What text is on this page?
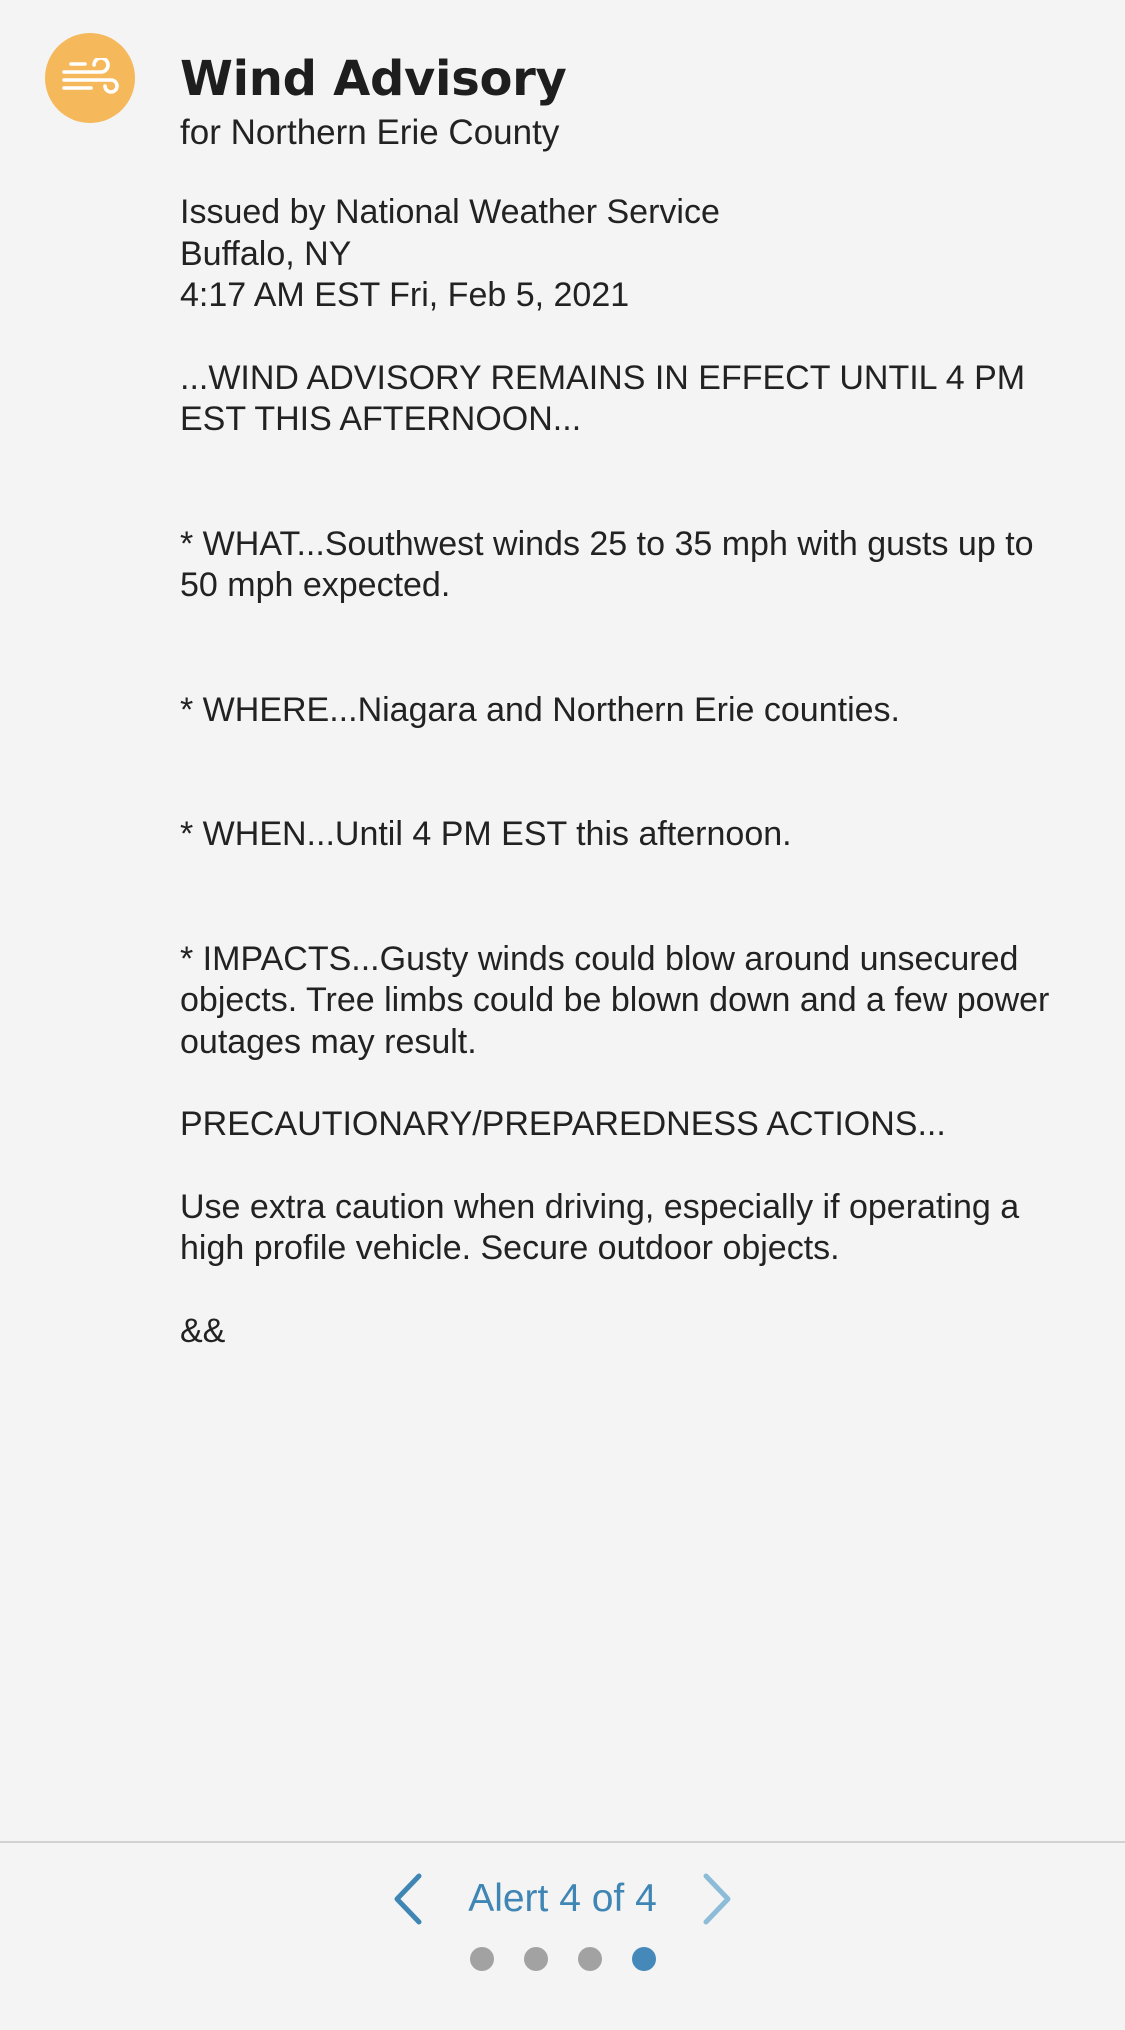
Wind Advisory
for Northern Erie County
Issued by National Weather Service
Buffalo, NY
4:17 AM EST Fri, Feb 5, 2021
...WIND ADVISORY REMAINS IN EFFECT UNTIL 4 PM EST THIS AFTERNOON...
* WHAT...Southwest winds 25 to 35 mph with gusts up to 50 mph expected.
* WHERE...Niagara and Northern Erie counties.
* WHEN...Until 4 PM EST this afternoon.
* IMPACTS...Gusty winds could blow around unsecured objects. Tree limbs could be blown down and a few power outages may result.
PRECAUTIONARY/PREPAREDNESS ACTIONS...
Use extra caution when driving, especially if operating a high profile vehicle. Secure outdoor objects.
&&
Alert 4 of 4
